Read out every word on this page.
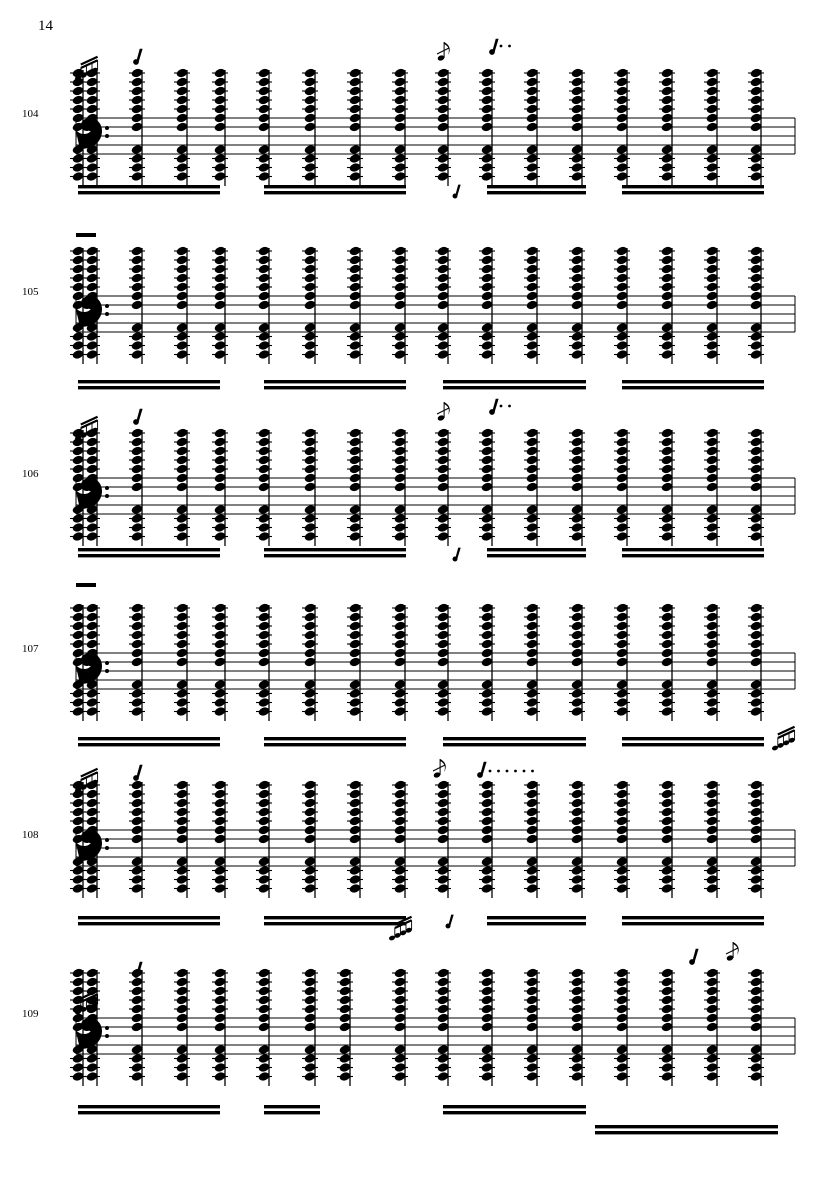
14
104
105
106
107
108
109
